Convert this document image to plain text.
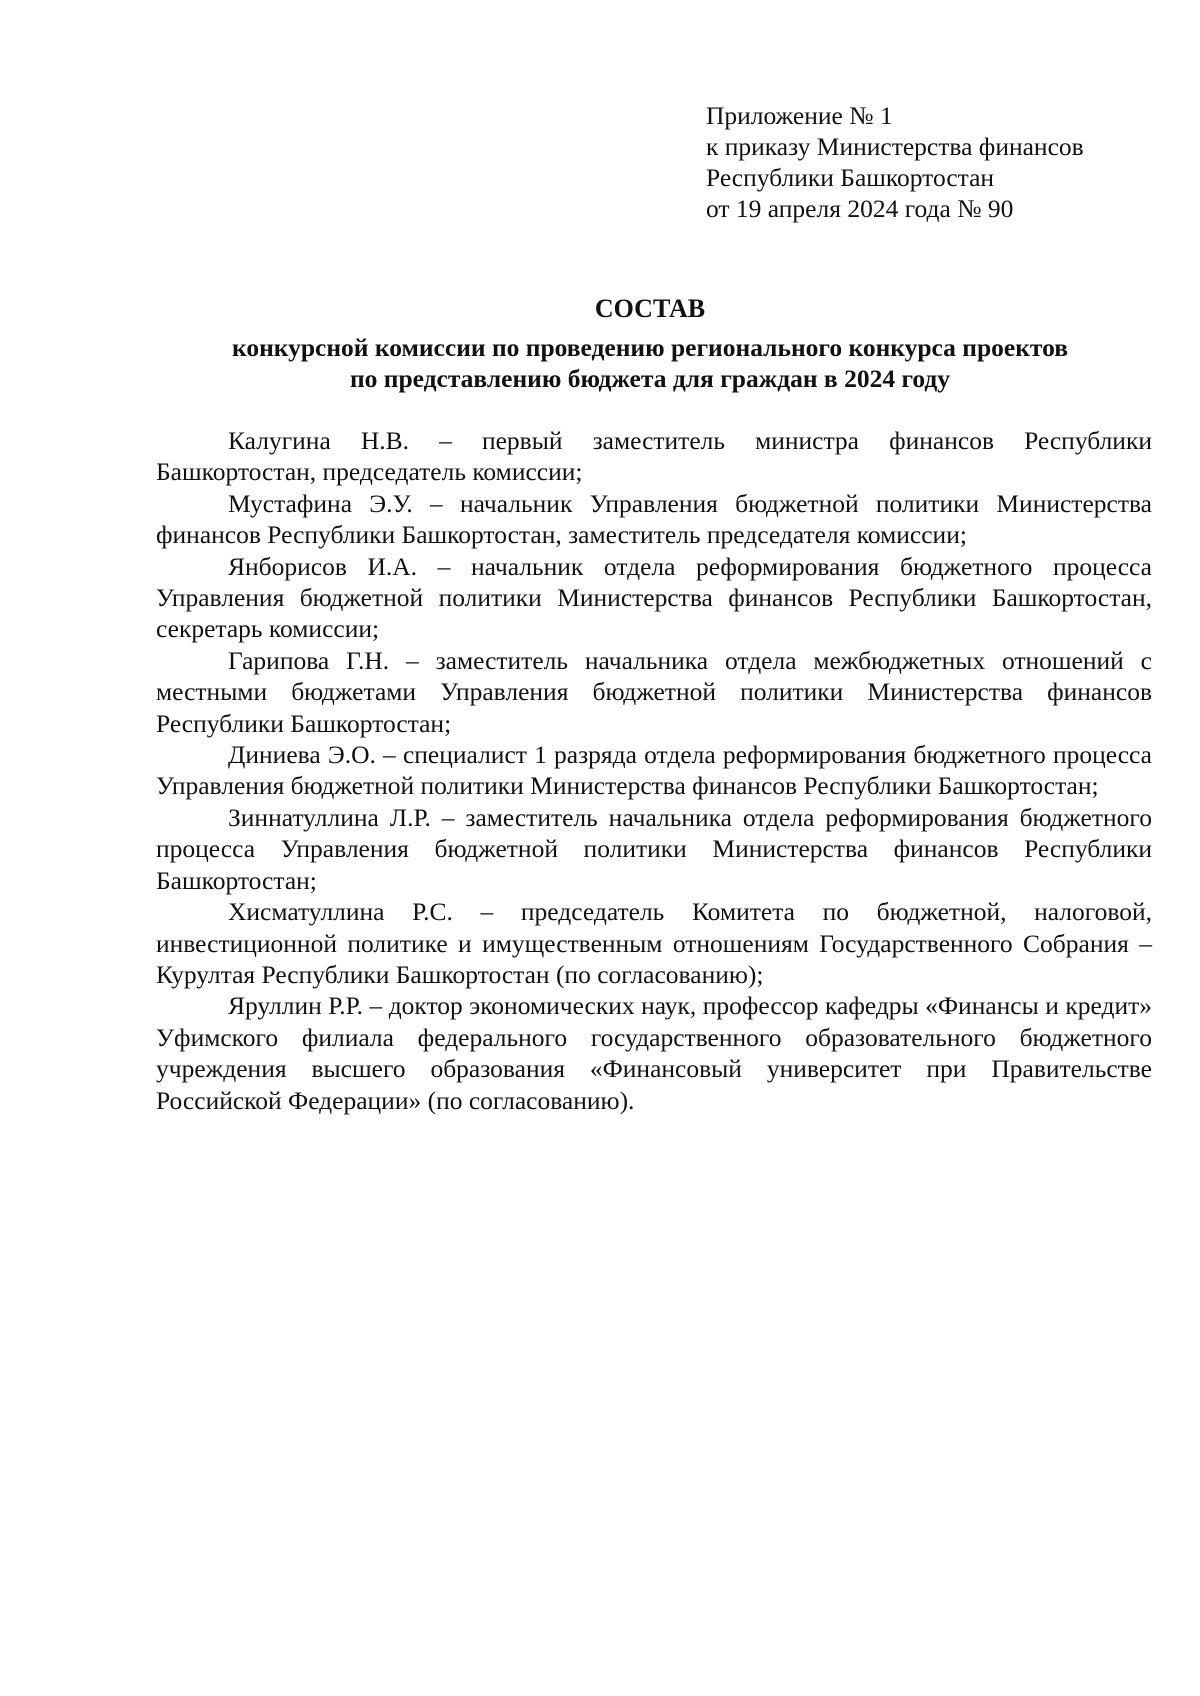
Приложение № 1
к приказу Министерства финансов
Республики Башкортостан
от 19 апреля 2024 года № 90
СОСТАВ
конкурсной комиссии по проведению регионального конкурса проектов
по представлению бюджета для граждан в 2024 году

Калугина Н.В. – первый заместитель министра финансов Республики Башкортостан, председатель комиссии;

Мустафина Э.У. – начальник Управления бюджетной политики Министерства финансов Республики Башкортостан, заместитель председателя комиссии;

Янборисов И.А. – начальник отдела реформирования бюджетного процесса Управления бюджетной политики Министерства финансов Республики Башкортостан, секретарь комиссии;

Гарипова Г.Н. – заместитель начальника отдела межбюджетных отношений с местными бюджетами Управления бюджетной политики Министерства финансов Республики Башкортостан;

Диниева Э.О. – специалист 1 разряда отдела реформирования бюджетного процесса Управления бюджетной политики Министерства финансов Республики Башкортостан;

Зиннатуллина Л.Р. – заместитель начальника отдела реформирования бюджетного процесса Управления бюджетной политики Министерства финансов Республики Башкортостан;

Хисматуллина Р.С. – председатель Комитета по бюджетной, налоговой, инвестиционной политике и имущественным отношениям Государственного Собрания – Курултая Республики Башкортостан (по согласованию);

Яруллин Р.Р. – доктор экономических наук, профессор кафедры «Финансы и кредит» Уфимского филиала федерального государственного образовательного бюджетного учреждения высшего образования «Финансовый университет при Правительстве Российской Федерации» (по согласованию).
